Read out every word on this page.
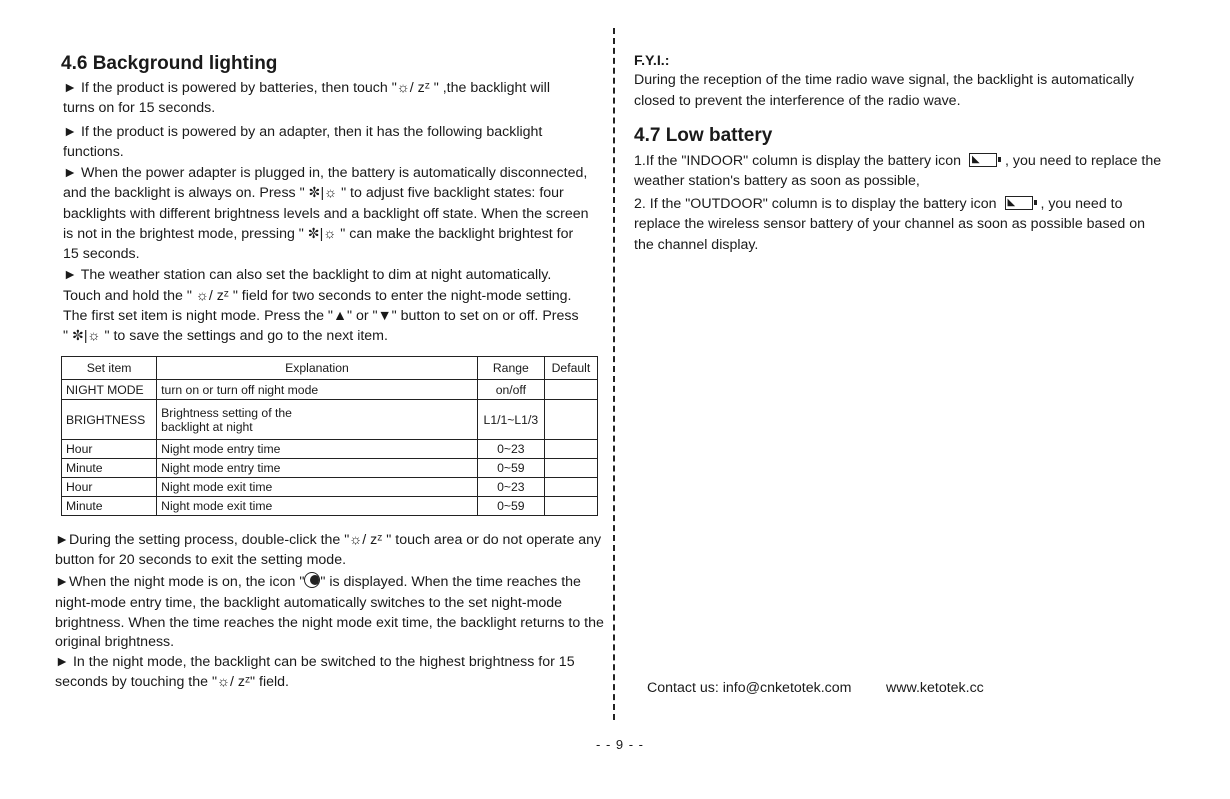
4.6 Background lighting
► If the product is powered by batteries, then touch "☼/ zᶻ " ,the backlight will
turns on for 15 seconds.
► If the product is powered by an adapter, then it has the following backlight
functions.
► When the power adapter is plugged in, the battery is automatically disconnected,
and the backlight is always on. Press " ✼|☼ " to adjust five backlight states: four
backlights with different brightness levels and a backlight off state. When the screen
is not in the brightest mode, pressing " ✼|☼ " can make the backlight brightest for
15 seconds.
► The weather station can also set the backlight to dim at night automatically.
Touch and hold the " ☼/ zᶻ " field for two seconds to enter the night-mode setting.
The first set item is night mode. Press the "▲" or "▼" button to set on or off. Press
" ✼|☼ " to save the settings and go to the next item.
Set item	Explanation	Range	Default
NIGHT MODE	turn on or turn off night mode	on/off	
BRIGHTNESS	Brightness setting of the backlight at night	L1/1~L1/3	
Hour	Night mode entry time	0~23	
Minute	Night mode entry time	0~59	
Hour	Night mode exit time	0~23	
Minute	Night mode exit time	0~59	
►During the setting process, double-click the "☼/ zᶻ " touch area or do not operate any
button for 20 seconds to exit the setting mode.
►When the night mode is on, the icon " " is displayed. When the time reaches the
night-mode entry time, the backlight automatically switches to the set night-mode
brightness. When the time reaches the night mode exit time, the backlight returns to the
original brightness.
► In the night mode, the backlight can be switched to the highest brightness for 15
seconds by touching the "☼/ zᶻ" field.
F.Y.I.:
During the reception of the time radio wave signal, the backlight is automatically
closed to prevent the interference of the radio wave.
4.7 Low battery
1.If the "INDOOR" column is display the battery icon ◣ , you need to replace the
weather station's battery as soon as possible,
2. If the "OUTDOOR" column is to display the battery icon ◣ , you need to
replace the wireless sensor battery of your channel as soon as possible based on
the channel display.
Contact us: info@cnketotek.com www.ketotek.cc
- - 9 - -
